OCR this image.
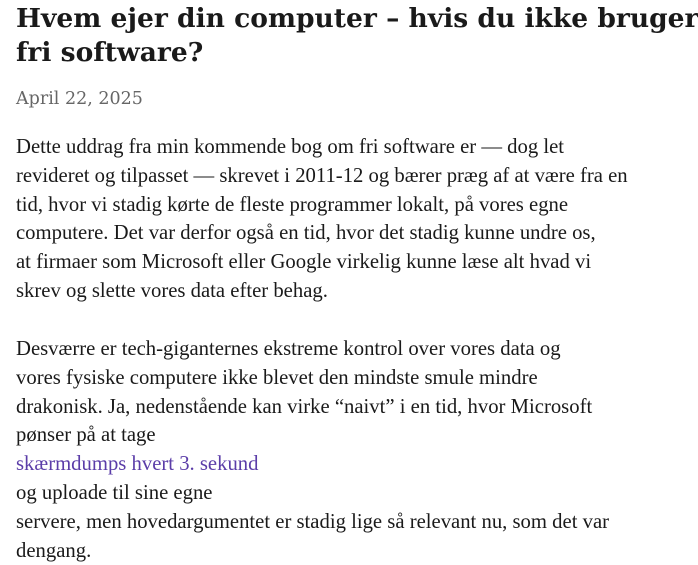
Hvem ejer din computer – hvis du ikke bruger
fri software?

April 22, 2025

Dette uddrag fra min kommende bog om fri software er — dog let
revideret og tilpasset — skrevet i 2011-12 og bærer præg af at være fra en
tid, hvor vi stadig kørte de fleste programmer lokalt, på vores egne
computere. Det var derfor også en tid, hvor det stadig kunne undre os,
at firmaer som Microsoft eller Google virkelig kunne læse alt hvad vi
skrev og slette vores data efter behag.
Desværre er tech-giganternes ekstreme kontrol over vores data og
vores fysiske computere ikke blevet den mindste smule mindre
drakonisk. Ja, nedenstående kan virke “naivt” i en tid, hvor Microsoft
pønser på at tage
skærmdumps hvert 3. sekund
og uploade til sine egne
servere, men hovedargumentet er stadig lige så relevant nu, som det var
dengang.
